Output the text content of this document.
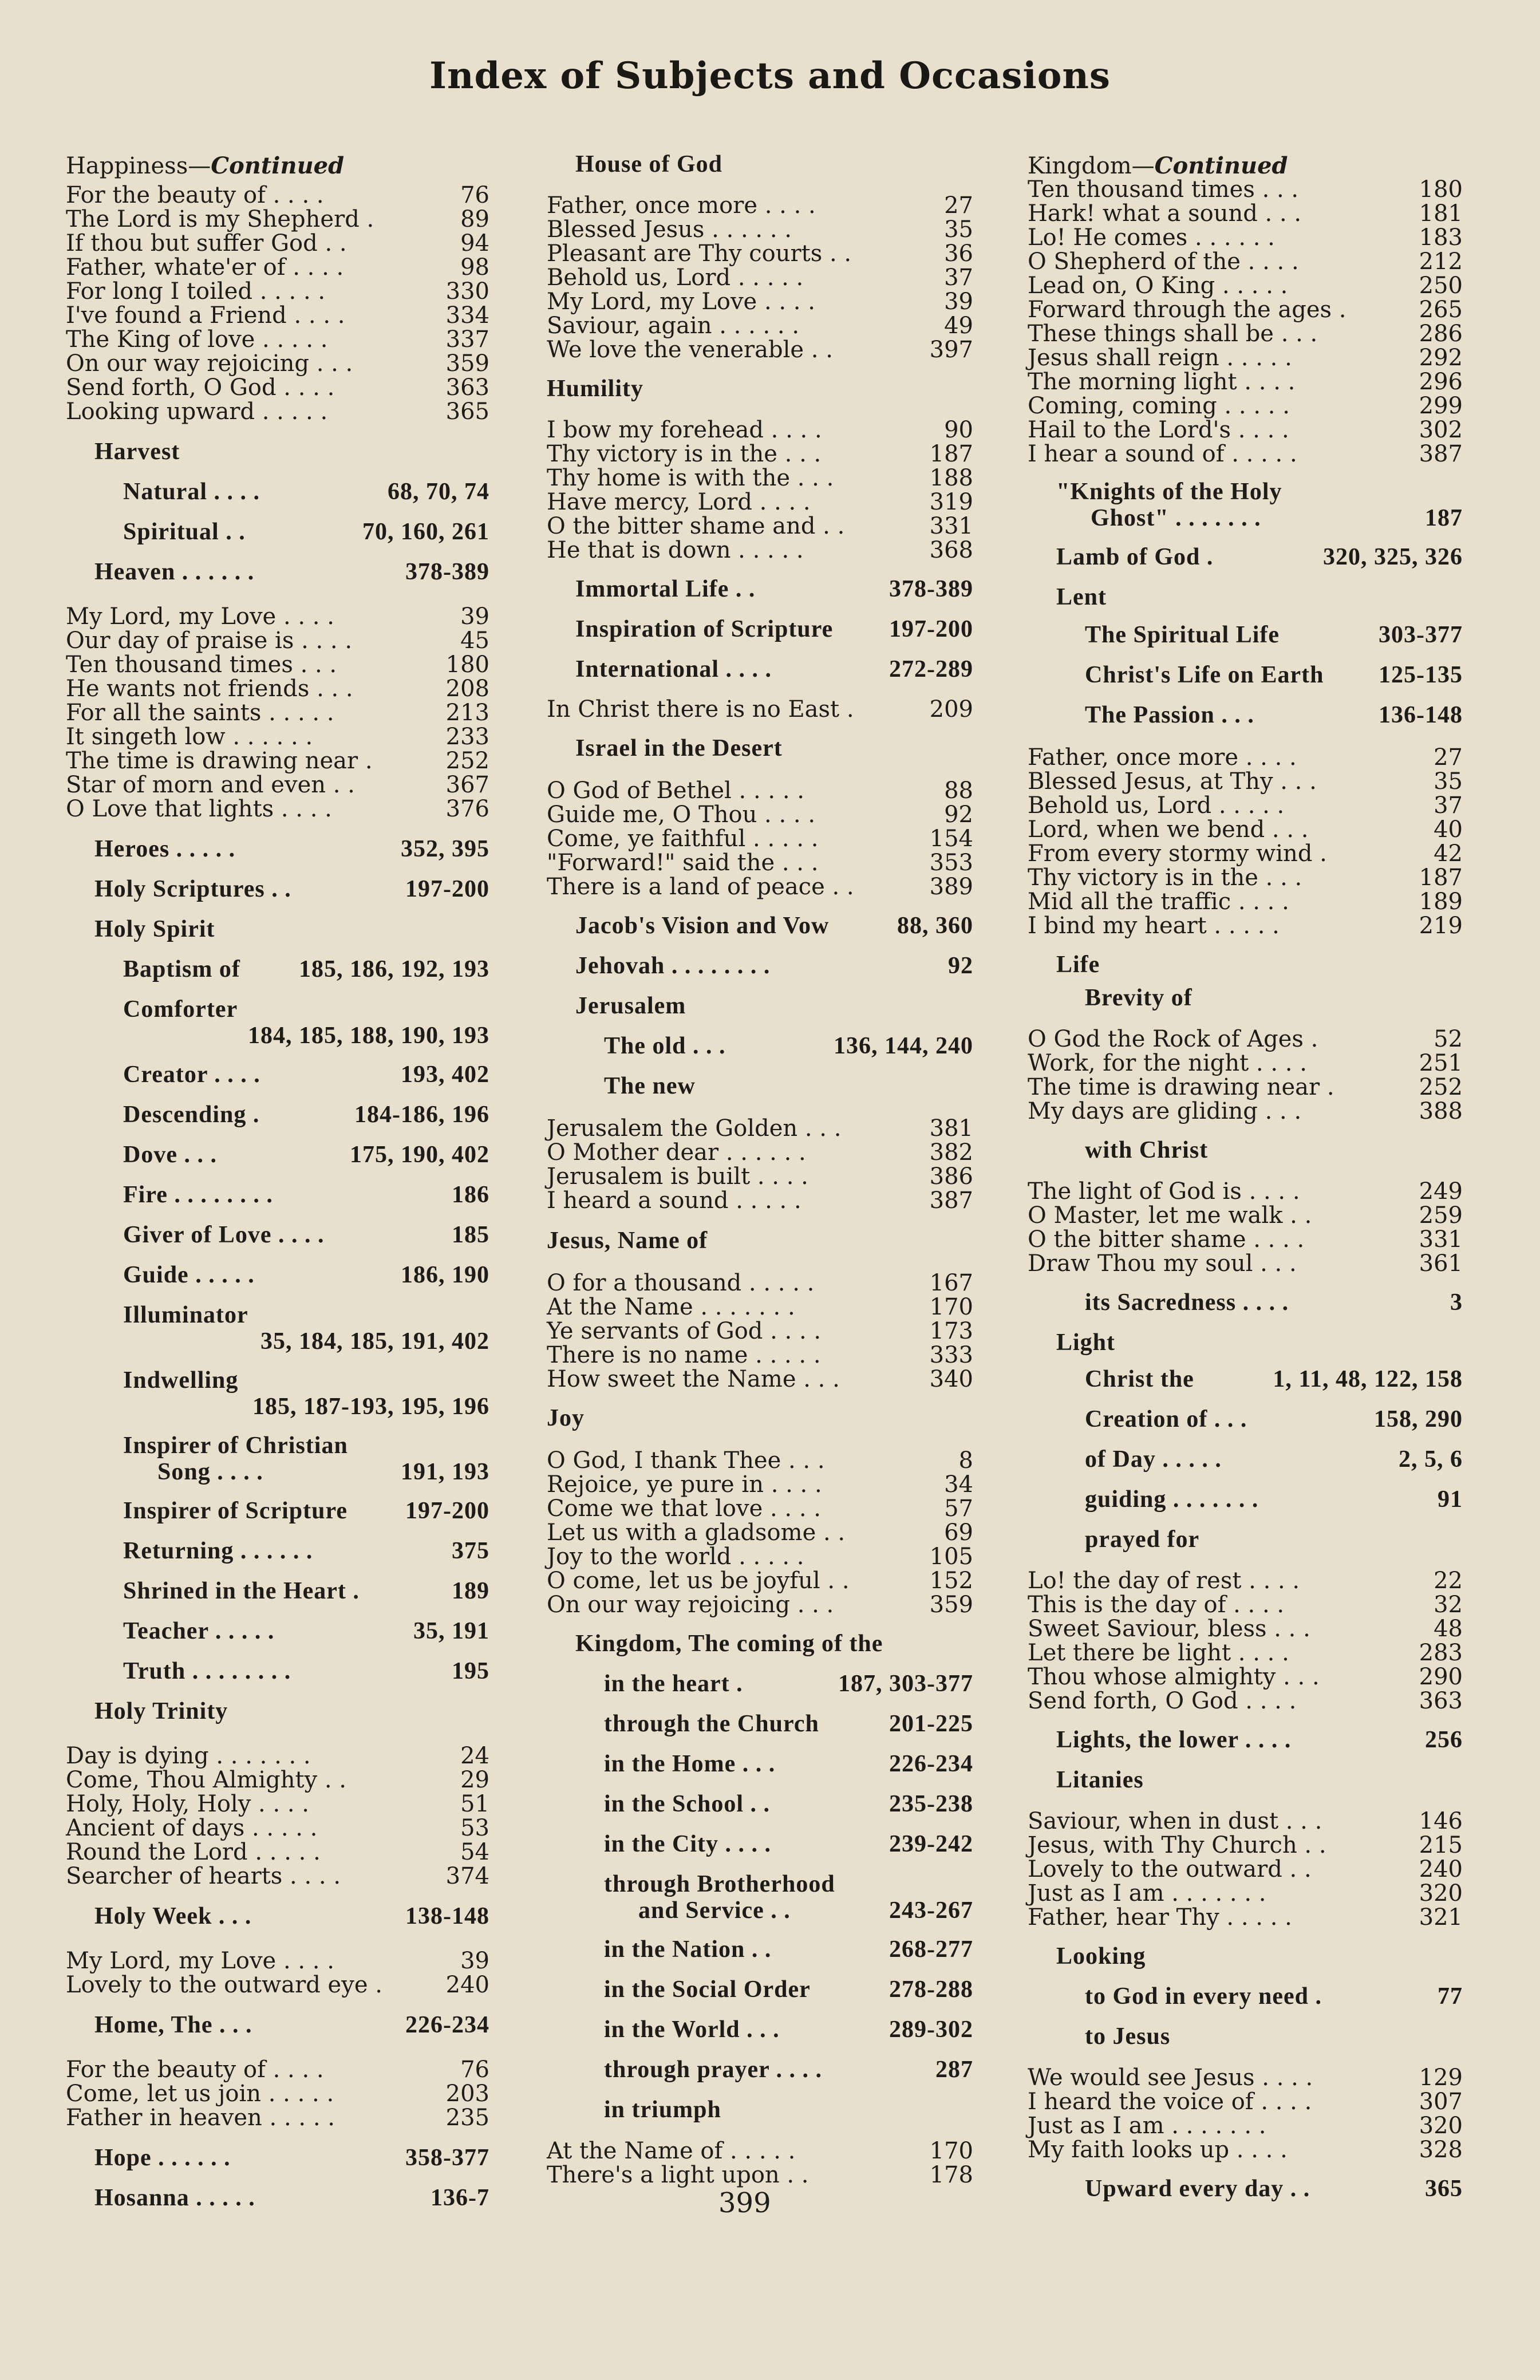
Index of Subjects and Occasions
Happiness—Continued
For the beauty of . . . .	76
The Lord is my Shepherd .	89
If thou but suffer God . .	94
Father, whate'er of . . . .	98
For long I toiled . . . . .	330
I've found a Friend . . . .	334
The King of love . . . . .	337
On our way rejoicing . . .	359
Send forth, O God . . . .	363
Looking upward . . . . .	365
Harvest
Natural . . . .	68, 70, 74
Spiritual . .	70, 160, 261
Heaven . . . . . .	378-389
My Lord, my Love . . . .	39
Our day of praise is . . . .	45
Ten thousand times . . .	180
He wants not friends . . .	208
For all the saints . . . . .	213
It singeth low . . . . . .	233
The time is drawing near .	252
Star of morn and even . .	367
O Love that lights . . . .	376
Heroes . . . . .	352, 395
Holy Scriptures . .	197-200
Holy Spirit
Baptism of 185, 186, 192, 193
Comforter
184, 185, 188, 190, 193
Creator . . . .	193, 402
Descending .	184-186, 196
Dove . . .	175, 190, 402
Fire . . . . . . . .	186
Giver of Love . . . .	185
Guide . . . . .	186, 190
Illuminator
35, 184, 185, 191, 402
Indwelling
185, 187-193, 195, 196
Inspirer of Christian
Song . . . .	191, 193
Inspirer of Scripture 197-200
Returning . . . . . .	375
Shrined in the Heart .	189
Teacher . . . . .	35, 191
Truth . . . . . . . .	195
Holy Trinity
Day is dying . . . . . . .	24
Come, Thou Almighty . .	29
Holy, Holy, Holy . . . .	51
Ancient of days . . . . .	53
Round the Lord . . . . .	54
Searcher of hearts . . . .	374
Holy Week . . .	138-148
My Lord, my Love . . . .	39
Lovely to the outward eye .	240
Home, The . . .	226-234
For the beauty of . . . .	76
Come, let us join . . . . .	203
Father in heaven . . . . .	235
Hope . . . . . .	358-377
Hosanna . . . . .	136-7
House of God
Father, once more . . . .	27
Blessed Jesus . . . . . .	35
Pleasant are Thy courts . .	36
Behold us, Lord . . . . .	37
My Lord, my Love . . . .	39
Saviour, again . . . . . .	49
We love the venerable . .	397
Humility
I bow my forehead . . . .	90
Thy victory is in the . . .	187
Thy home is with the . . .	188
Have mercy, Lord . . . .	319
O the bitter shame and . .	331
He that is down . . . . .	368
Immortal Life . .	378-389
Inspiration of Scripture 197-200
International . . . .	272-289
In Christ there is no East .	209
Israel in the Desert
O God of Bethel . . . . .	88
Guide me, O Thou . . . .	92
Come, ye faithful . . . . .	154
"Forward!" said the . . .	353
There is a land of peace . .	389
Jacob's Vision and Vow	88, 360
Jehovah . . . . . . . .	92
Jerusalem
The old . . .	136, 144, 240
The new
Jerusalem the Golden . . .	381
O Mother dear . . . . . .	382
Jerusalem is built . . . .	386
I heard a sound . . . . .	387
Jesus, Name of
O for a thousand . . . . .	167
At the Name . . . . . . .	170
Ye servants of God . . . .	173
There is no name . . . . .	333
How sweet the Name . . .	340
Joy
O God, I thank Thee . . .	8
Rejoice, ye pure in . . . .	34
Come we that love . . . .	57
Let us with a gladsome . .	69
Joy to the world . . . . .	105
O come, let us be joyful . .	152
On our way rejoicing . . .	359
Kingdom, The coming of the
in the heart .	187, 303-377
through the Church	201-225
in the Home . . .	226-234
in the School . .	235-238
in the City . . . .	239-242
through Brotherhood
and Service . .	243-267
in the Nation . .	268-277
in the Social Order	278-288
in the World . . .	289-302
through prayer . . . .	287
in triumph
At the Name of . . . . .	170
There's a light upon . .	178
Kingdom—Continued
Ten thousand times . . .	180
Hark! what a sound . . .	181
Lo! He comes . . . . . .	183
O Shepherd of the . . . .	212
Lead on, O King . . . . .	250
Forward through the ages .	265
These things shall be . . .	286
Jesus shall reign . . . . .	292
The morning light . . . .	296
Coming, coming . . . . .	299
Hail to the Lord's . . . .	302
I hear a sound of . . . . .	387
"Knights of the Holy
Ghost" . . . . . . .	187
Lamb of God .	320, 325, 326
Lent
The Spiritual Life	303-377
Christ's Life on Earth 125-135
The Passion . . .	136-148
Father, once more . . . .	27
Blessed Jesus, at Thy . . .	35
Behold us, Lord . . . . .	37
Lord, when we bend . . .	40
From every stormy wind .	42
Thy victory is in the . . .	187
Mid all the traffic . . . .	189
I bind my heart . . . . .	219
Life
Brevity of
O God the Rock of Ages .	52
Work, for the night . . . .	251
The time is drawing near .	252
My days are gliding . . .	388
with Christ
The light of God is . . . .	249
O Master, let me walk . .	259
O the bitter shame . . . .	331
Draw Thou my soul . . .	361
its Sacredness . . . .	3
Light
Christ the	1, 11, 48, 122, 158
Creation of . . .	158, 290
of Day . . . . .	2, 5, 6
guiding . . . . . . .	91
prayed for
Lo! the day of rest . . . .	22
This is the day of . . . .	32
Sweet Saviour, bless . . .	48
Let there be light . . . .	283
Thou whose almighty . . .	290
Send forth, O God . . . .	363
Lights, the lower . . . .	256
Litanies
Saviour, when in dust . . .	146
Jesus, with Thy Church . .	215
Lovely to the outward . .	240
Just as I am . . . . . . .	320
Father, hear Thy . . . . .	321
Looking
to God in every need .	77
to Jesus
We would see Jesus . . . .	129
I heard the voice of . . . .	307
Just as I am . . . . . . .	320
My faith looks up . . . .	328
Upward every day . .	365
399
